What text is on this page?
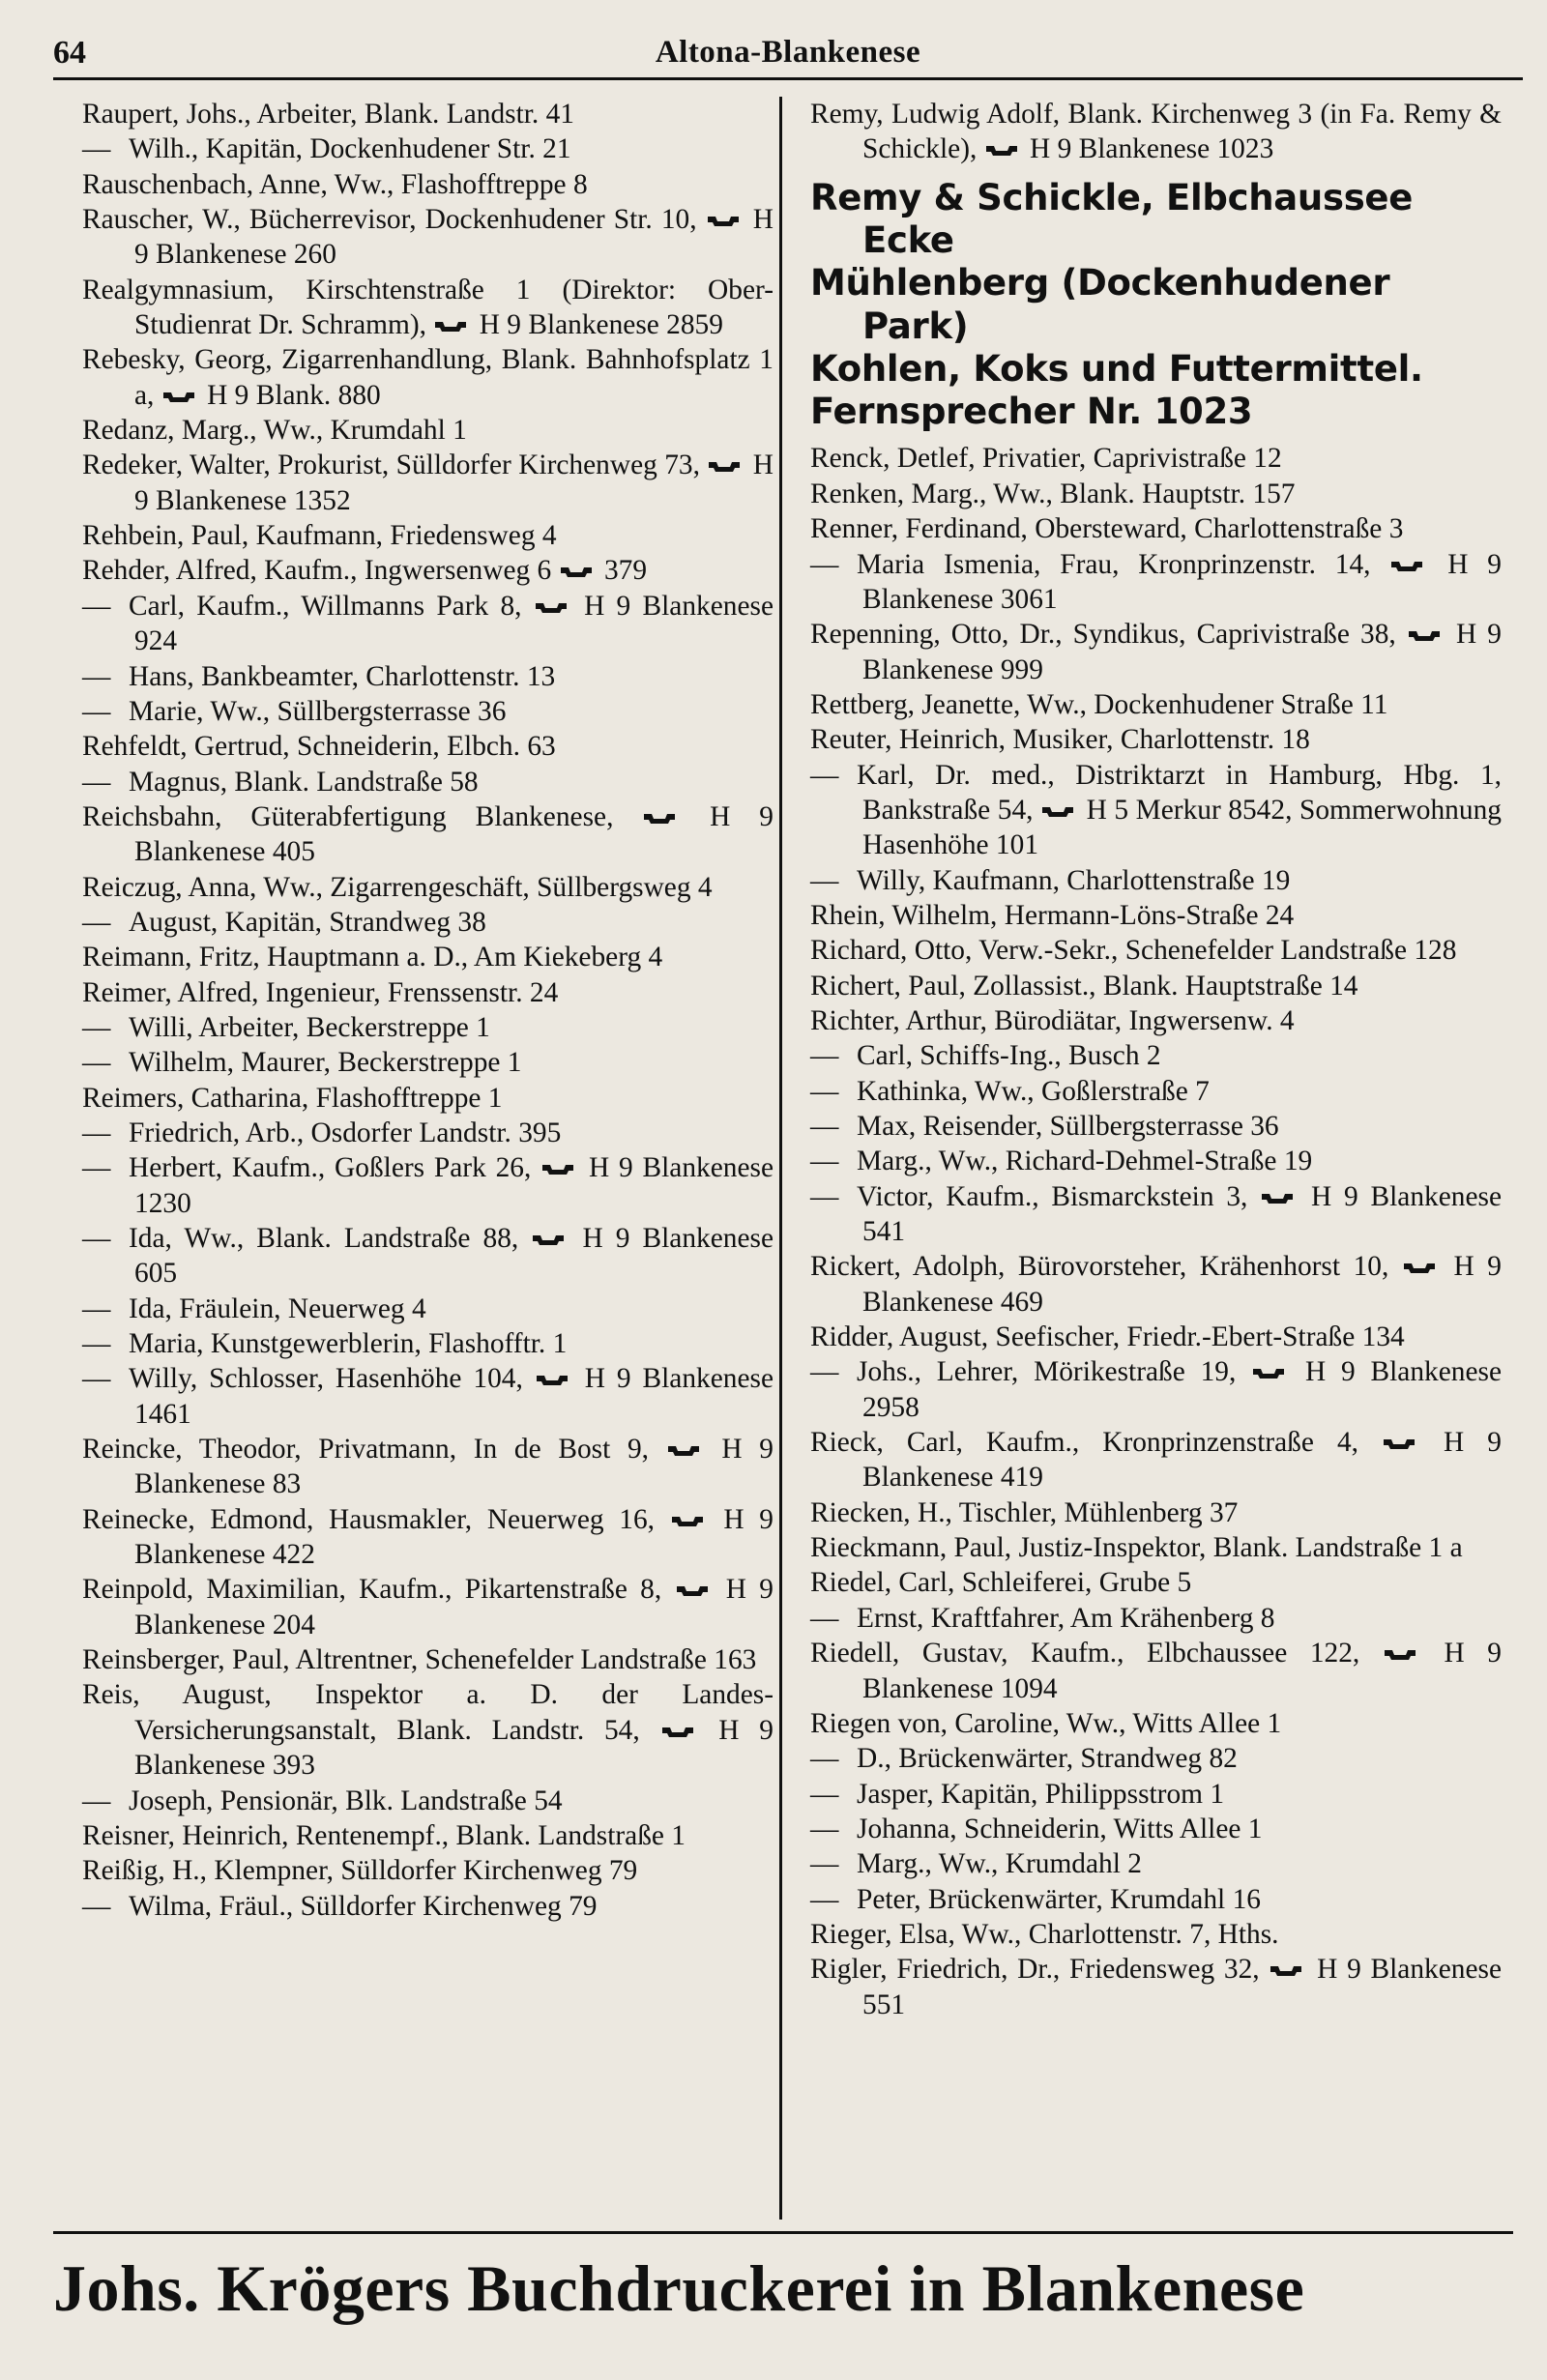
64	Altona-Blankenese

Raupert, Johs., Arbeiter, Blank. Landstr. 41

— Wilh., Kapitän, Dockenhudener Str. 21

Rauschenbach, Anne, Ww., Flashofftreppe 8

Rauscher, W., Bücherrevisor, Dockenhudener Str. 10,  H 9 Blankenese 260

Realgymnasium, Kirschtenstraße 1 (Direktor: Ober-Studienrat Dr. Schramm),  H 9 Blankenese 2859

Rebesky, Georg, Zigarrenhandlung, Blank. Bahnhofsplatz 1 a,  H 9 Blank. 880

Redanz, Marg., Ww., Krumdahl 1

Redeker, Walter, Prokurist, Sülldorfer Kirchenweg 73,  H 9 Blankenese 1352

Rehbein, Paul, Kaufmann, Friedensweg 4

Rehder, Alfred, Kaufm., Ingwersenweg 6  379

— Carl, Kaufm., Willmanns Park 8,  H 9 Blankenese 924

— Hans, Bankbeamter, Charlottenstr. 13

— Marie, Ww., Süllbergsterrasse 36

Rehfeldt, Gertrud, Schneiderin, Elbch. 63

— Magnus, Blank. Landstraße 58

Reichsbahn, Güterabfertigung Blankenese,  H 9 Blankenese 405

Reiczug, Anna, Ww., Zigarrengeschäft, Süllbergsweg 4

— August, Kapitän, Strandweg 38

Reimann, Fritz, Hauptmann a. D., Am Kiekeberg 4

Reimer, Alfred, Ingenieur, Frenssenstr. 24

— Willi, Arbeiter, Beckerstreppe 1

— Wilhelm, Maurer, Beckerstreppe 1

Reimers, Catharina, Flashofftreppe 1

— Friedrich, Arb., Osdorfer Landstr. 395

— Herbert, Kaufm., Goßlers Park 26,  H 9 Blankenese 1230

— Ida, Ww., Blank. Landstraße 88,  H 9 Blankenese 605

— Ida, Fräulein, Neuerweg 4

— Maria, Kunstgewerblerin, Flashofftr. 1

— Willy, Schlosser, Hasenhöhe 104,  H 9 Blankenese 1461

Reincke, Theodor, Privatmann, In de Bost 9,  H 9 Blankenese 83

Reinecke, Edmond, Hausmakler, Neuerweg 16,  H 9 Blankenese 422

Reinpold, Maximilian, Kaufm., Pikartenstraße 8,  H 9 Blankenese 204

Reinsberger, Paul, Altrentner, Schenefelder Landstraße 163

Reis, August, Inspektor a. D. der Landes-Versicherungsanstalt, Blank. Landstr. 54,  H 9 Blankenese 393

— Joseph, Pensionär, Blk. Landstraße 54

Reisner, Heinrich, Rentenempf., Blank. Landstraße 1

Reißig, H., Klempner, Sülldorfer Kirchenweg 79

— Wilma, Fräul., Sülldorfer Kirchenweg 79

Remy, Ludwig Adolf, Blank. Kirchenweg 3 (in Fa. Remy & Schickle),  H 9 Blankenese 1023

Remy & Schickle, Elbchaussee Ecke
Mühlenberg (Dockenhudener Park)
Kohlen, Koks und Futtermittel.
Fernsprecher Nr. 1023

Renck, Detlef, Privatier, Caprivistraße 12

Renken, Marg., Ww., Blank. Hauptstr. 157

Renner, Ferdinand, Obersteward, Charlottenstraße 3

— Maria Ismenia, Frau, Kronprinzenstr. 14,  H 9 Blankenese 3061

Repenning, Otto, Dr., Syndikus, Caprivistraße 38,  H 9 Blankenese 999

Rettberg, Jeanette, Ww., Dockenhudener Straße 11

Reuter, Heinrich, Musiker, Charlottenstr. 18

— Karl, Dr. med., Distriktarzt in Hamburg, Hbg. 1, Bankstraße 54,  H 5 Merkur 8542, Sommerwohnung Hasenhöhe 101

— Willy, Kaufmann, Charlottenstraße 19

Rhein, Wilhelm, Hermann-Löns-Straße 24

Richard, Otto, Verw.-Sekr., Schenefelder Landstraße 128

Richert, Paul, Zollassist., Blank. Hauptstraße 14

Richter, Arthur, Bürodiätar, Ingwersenw. 4

— Carl, Schiffs-Ing., Busch 2

— Kathinka, Ww., Goßlerstraße 7

— Max, Reisender, Süllbergsterrasse 36

— Marg., Ww., Richard-Dehmel-Straße 19

— Victor, Kaufm., Bismarckstein 3,  H 9 Blankenese 541

Rickert, Adolph, Bürovorsteher, Krähenhorst 10,  H 9 Blankenese 469

Ridder, August, Seefischer, Friedr.-Ebert-Straße 134

— Johs., Lehrer, Mörikestraße 19,  H 9 Blankenese 2958

Rieck, Carl, Kaufm., Kronprinzenstraße 4,  H 9 Blankenese 419

Riecken, H., Tischler, Mühlenberg 37

Rieckmann, Paul, Justiz-Inspektor, Blank. Landstraße 1 a

Riedel, Carl, Schleiferei, Grube 5

— Ernst, Kraftfahrer, Am Krähenberg 8

Riedell, Gustav, Kaufm., Elbchaussee 122,  H 9 Blankenese 1094

Riegen von, Caroline, Ww., Witts Allee 1

— D., Brückenwärter, Strandweg 82

— Jasper, Kapitän, Philippsstrom 1

— Johanna, Schneiderin, Witts Allee 1

— Marg., Ww., Krumdahl 2

— Peter, Brückenwärter, Krumdahl 16

Rieger, Elsa, Ww., Charlottenstr. 7, Hths.

Rigler, Friedrich, Dr., Friedensweg 32,  H 9 Blankenese 551

Johs. Krögers Buchdruckerei in Blankenese
